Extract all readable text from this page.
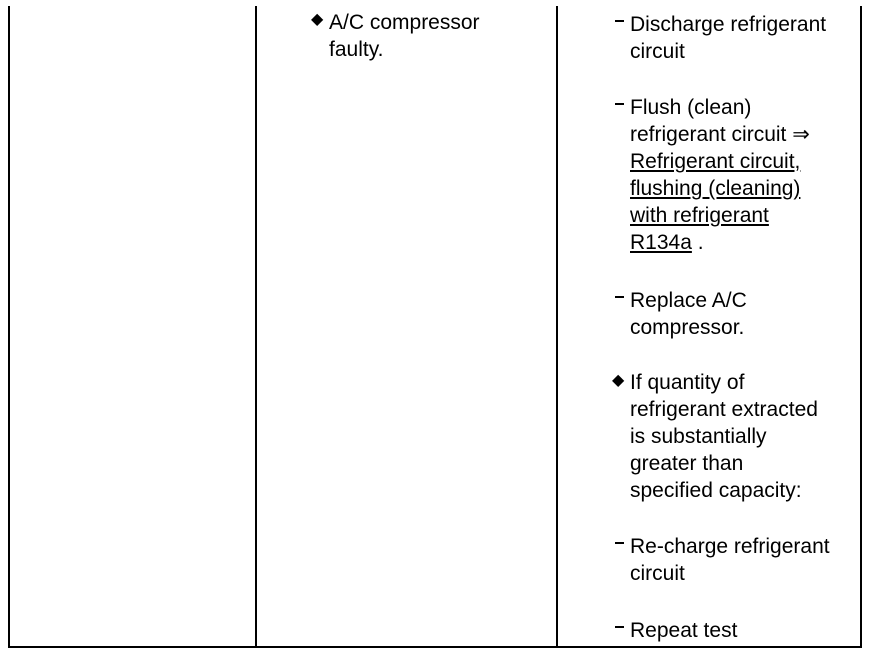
◆ A/C compressor
faulty.
Discharge refrigerant
circuit
Flush (clean)
refrigerant circuit ⇒
Refrigerant circuit,
flushing (cleaning)
with refrigerant
R134a .
Replace A/C
compressor.
◆ If quantity of
refrigerant extracted
is substantially
greater than
specified capacity:
Re-charge refrigerant
circuit
Repeat test
